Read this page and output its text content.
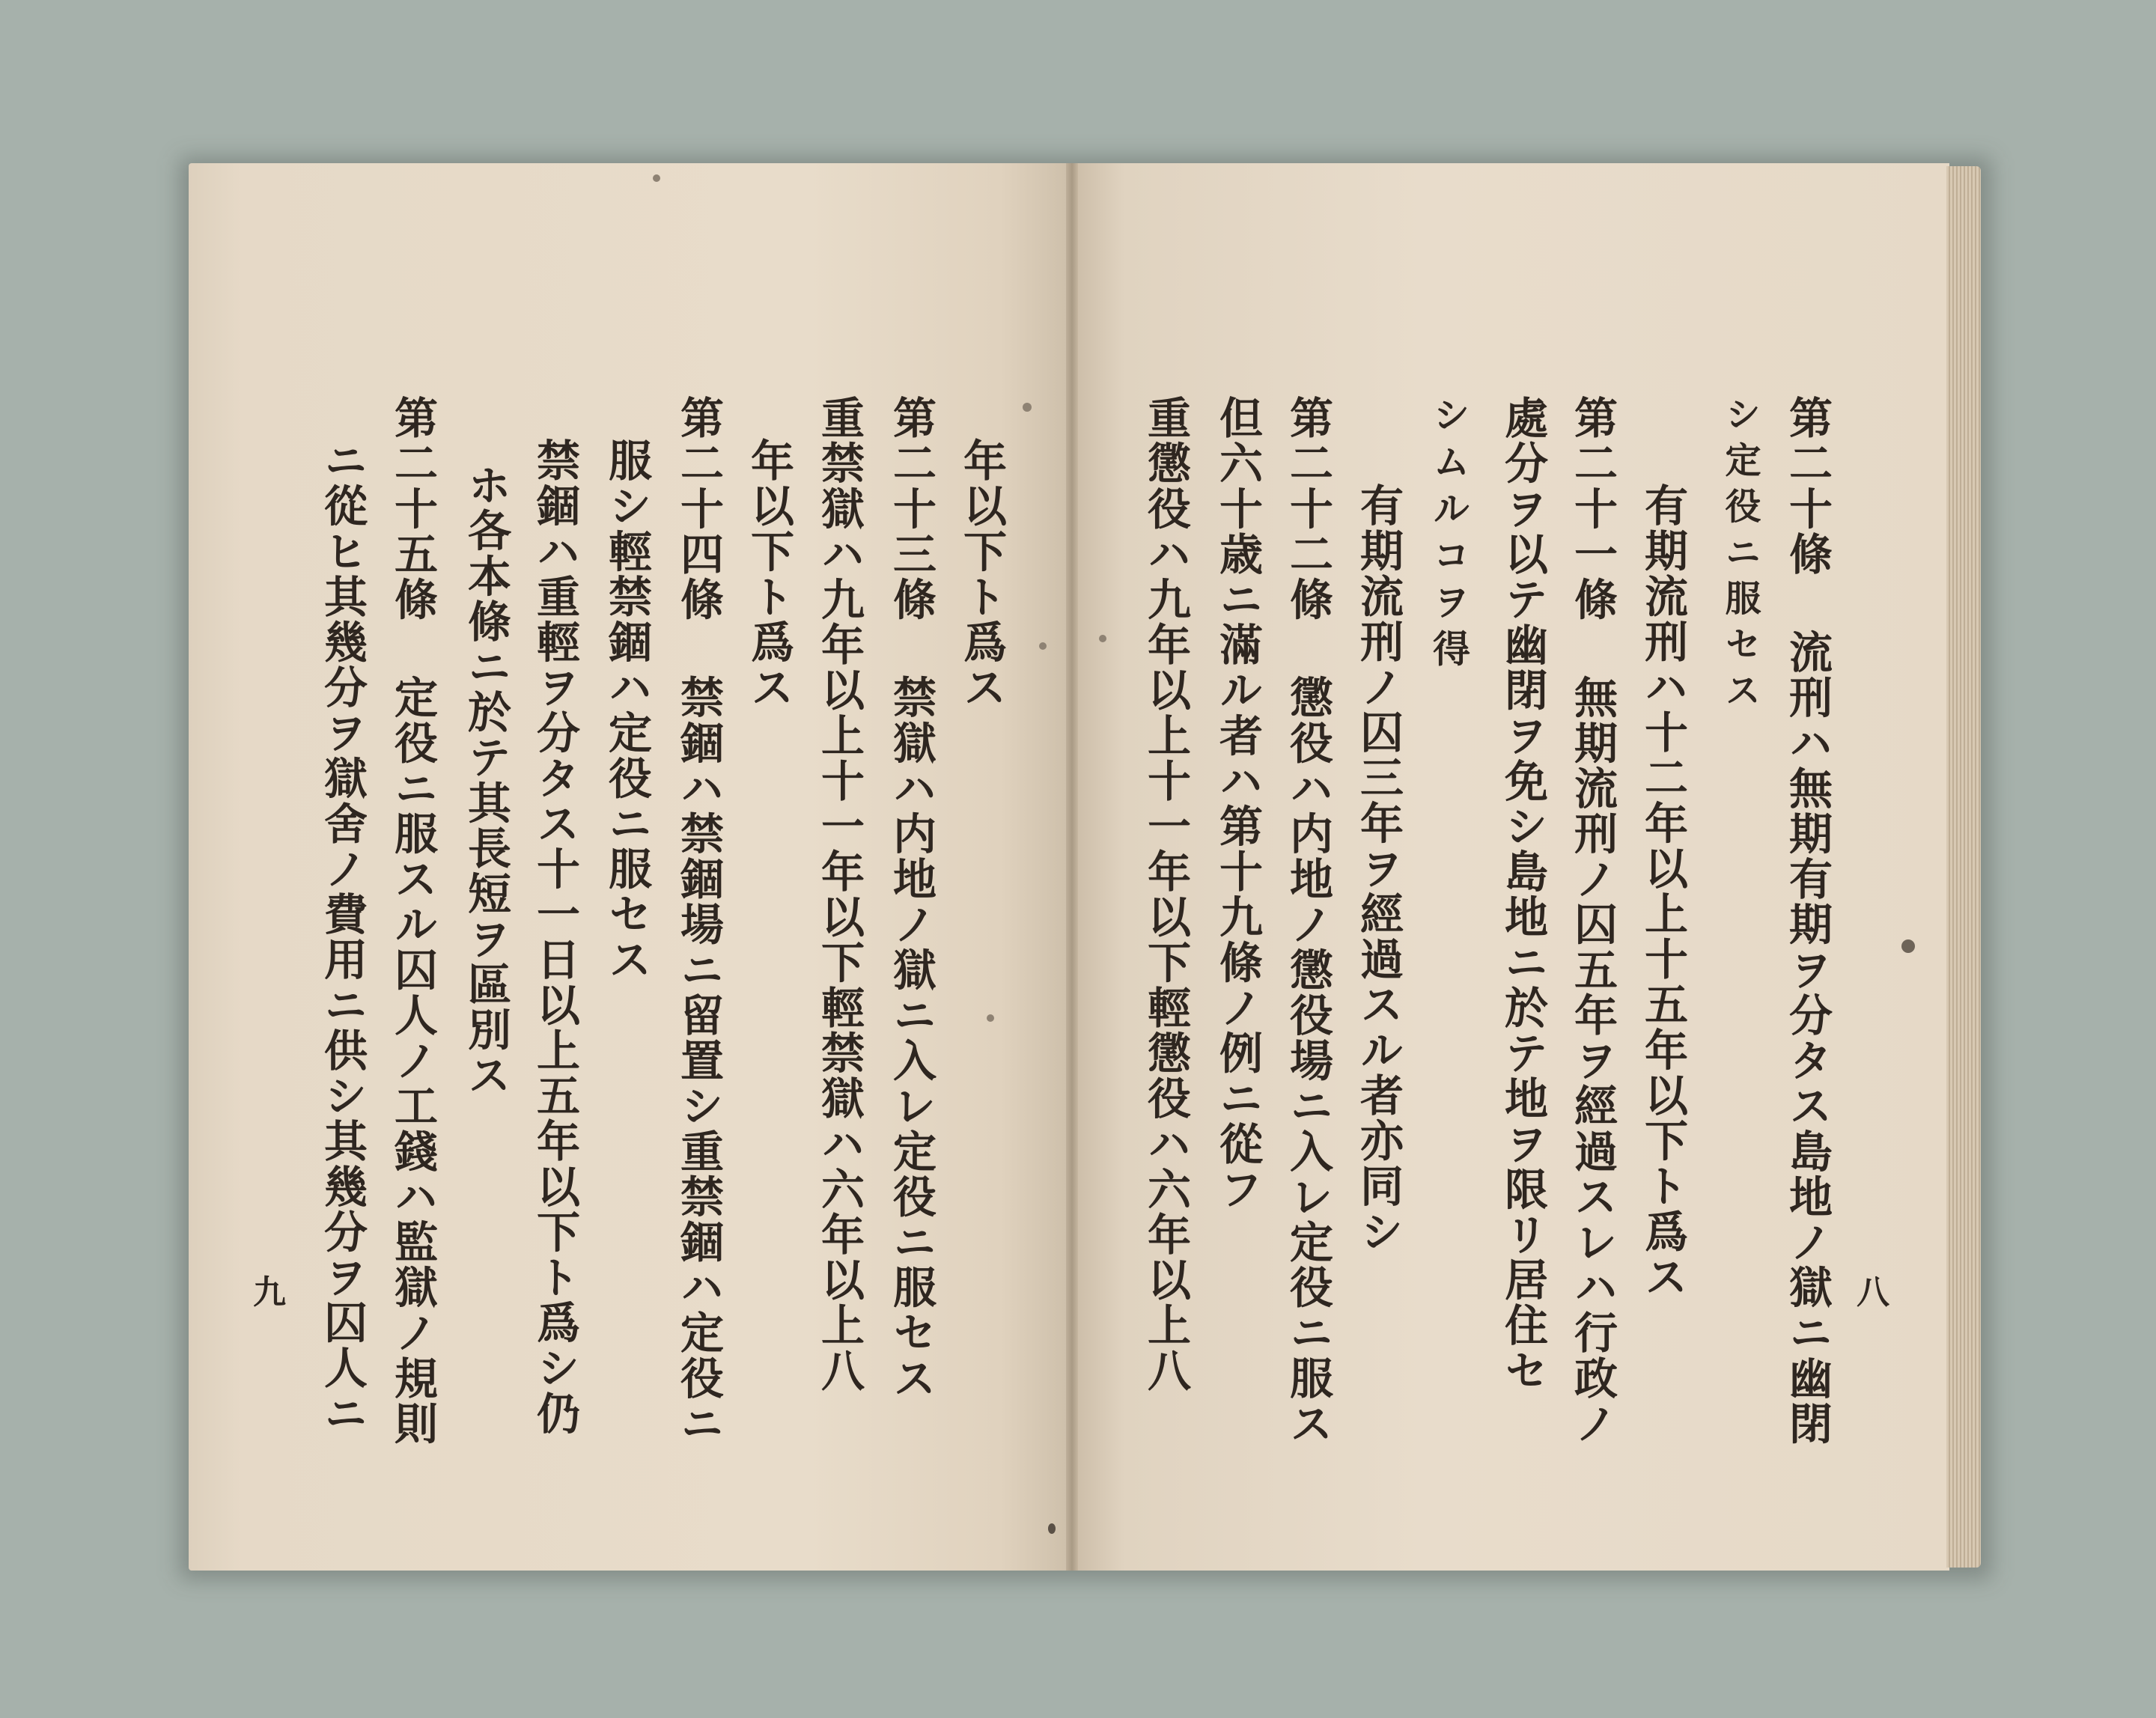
第二十條 流刑ハ無期有期ヲ分タス島地ノ獄ニ幽閉
シ定役ニ服セス
有期流刑ハ十二年以上十五年以下ト爲ス
第二十一條 無期流刑ノ囚五年ヲ經過スレハ行政ノ
處分ヲ以テ幽閉ヲ免シ島地ニ於テ地ヲ限リ居住セ
シムルコヲ得
有期流刑ノ囚三年ヲ經過スル者亦同シ
第二十二條 懲役ハ内地ノ懲役場ニ入レ定役ニ服ス
但六十歳ニ滿ル者ハ第十九條ノ例ニ從フ
重懲役ハ九年以上十一年以下輕懲役ハ六年以上八	八
年以下ト爲ス
第二十三條 禁獄ハ内地ノ獄ニ入レ定役ニ服セス
重禁獄ハ九年以上十一年以下輕禁獄ハ六年以上八
年以下ト爲ス
第二十四條 禁錮ハ禁錮場ニ留置シ重禁錮ハ定役ニ
服シ輕禁錮ハ定役ニ服セス
禁錮ハ重輕ヲ分タス十一日以上五年以下ト爲シ仍
ホ各本條ニ於テ其長短ヲ區別ス
第二十五條 定役ニ服スル囚人ノ工錢ハ監獄ノ規則
ニ從ヒ其幾分ヲ獄舍ノ費用ニ供シ其幾分ヲ囚人ニ
九
